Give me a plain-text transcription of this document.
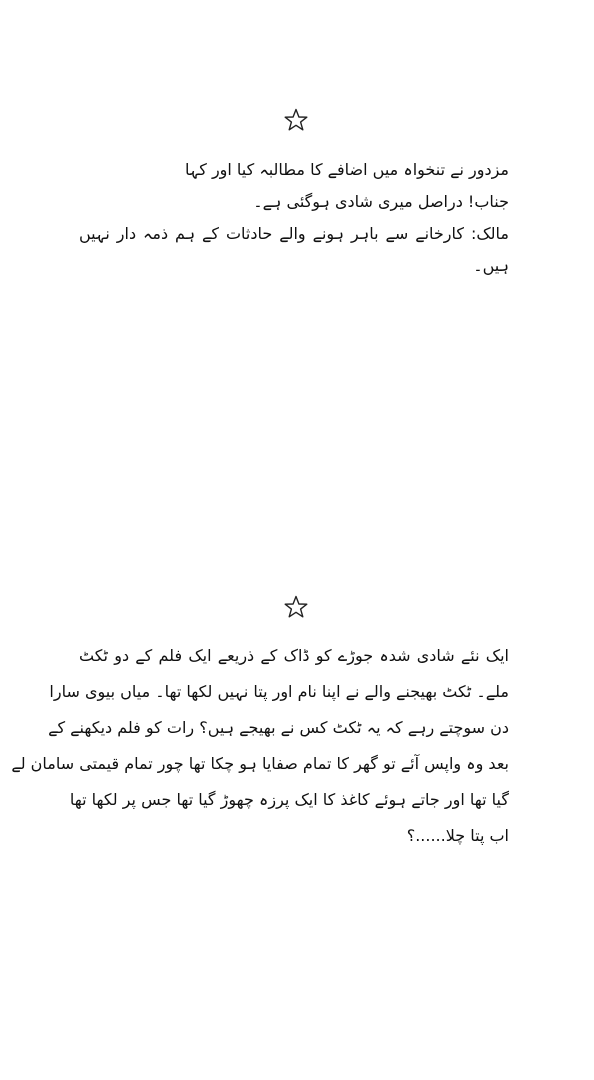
مزدور نے تنخواہ میں اضافے کا مطالبہ کیا اور کہا
جناب! دراصل میری شادی ہوگئی ہے۔
مالک: کارخانے سے باہر ہونے والے حادثات کے ہم ذمہ دار نہیں
ہیں۔
ایک نئے شادی شدہ جوڑے کو ڈاک کے ذریعے ایک فلم کے دو ٹکٹ
ملے۔ ٹکٹ بھیجنے والے نے اپنا نام اور پتا نہیں لکھا تھا۔ میاں بیوی سارا
دن سوچتے رہے کہ یہ ٹکٹ کس نے بھیجے ہیں؟ رات کو فلم دیکھنے کے
بعد وہ واپس آئے تو گھر کا تمام صفایا ہو چکا تھا چور تمام قیمتی سامان لے
گیا تھا اور جاتے ہوئے کاغذ کا ایک پرزہ چھوڑ گیا تھا جس پر لکھا تھا
اب پتا چلا......؟
